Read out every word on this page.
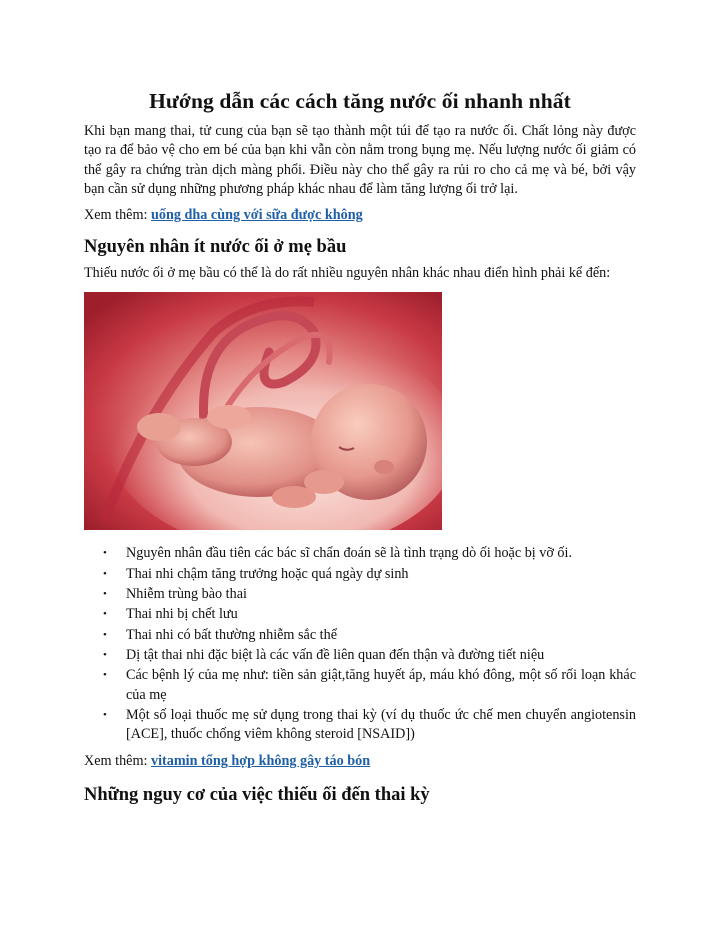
Hướng dẫn các cách tăng nước ối nhanh nhất

Khi bạn mang thai, tử cung của bạn sẽ tạo thành một túi để tạo ra nước ối. Chất lỏng này được tạo ra để bảo vệ cho em bé của bạn khi vẫn còn nằm trong bụng mẹ. Nếu lượng nước ối giảm có thể gây ra chứng tràn dịch màng phổi. Điều này cho thể gây ra rủi ro cho cả mẹ và bé, bởi vậy bạn cần sử dụng những phương pháp khác nhau để làm tăng lượng ối trở lại.

Xem thêm: uống dha cùng với sữa được không
Nguyên nhân ít nước ối ở mẹ bầu

Thiếu nước ối ở mẹ bầu có thể là do rất nhiều nguyên nhân khác nhau điển hình phải kể đến:

• Nguyên nhân đầu tiên các bác sĩ chẩn đoán sẽ là tình trạng dò ối hoặc bị vỡ ối.
• Thai nhi chậm tăng trưởng hoặc quá ngày dự sinh
• Nhiễm trùng bào thai
• Thai nhi bị chết lưu
• Thai nhi có bất thường nhiễm sắc thể
• Dị tật thai nhi đặc biệt là các vấn đề liên quan đến thận và đường tiết niệu
• Các bệnh lý của mẹ như: tiền sản giật,tăng huyết áp, máu khó đông, một số rối loạn khác của mẹ
• Một số loại thuốc mẹ sử dụng trong thai kỳ (ví dụ thuốc ức chế men chuyển angiotensin [ACE], thuốc chống viêm không steroid [NSAID])
Xem thêm: vitamin tổng hợp không gây táo bón
Những nguy cơ của việc thiếu ối đến thai kỳ
